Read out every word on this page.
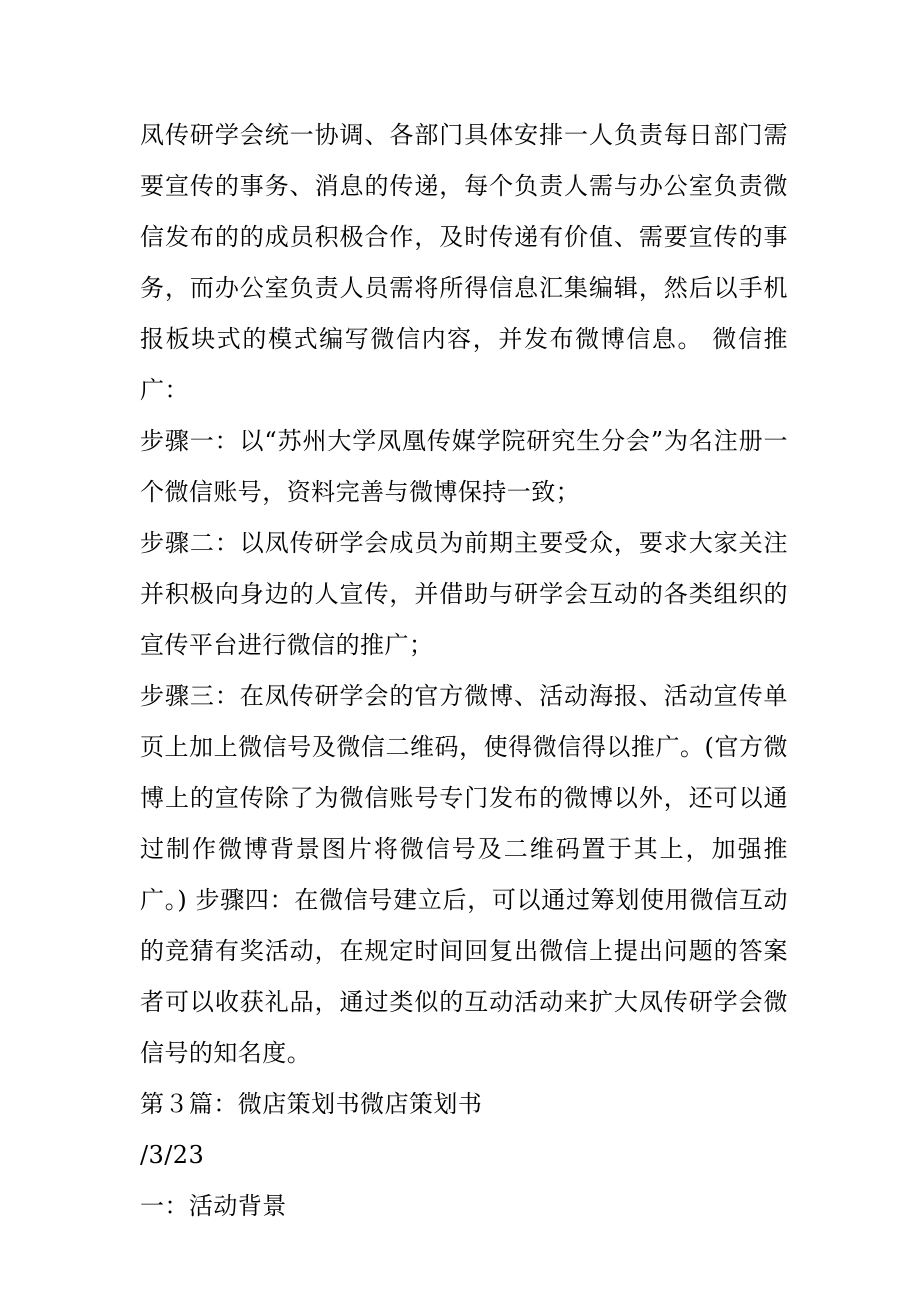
凤传研学会统一协调、各部门具体安排一人负责每日部门需要宣传的事务、消息的传递，每个负责人需与办公室负责微信发布的的成员积极合作，及时传递有价值、需要宣传的事务，而办公室负责人员需将所得信息汇集编辑，然后以手机报板块式的模式编写微信内容，并发布微博信息。 微信推广：

步骤一：以“苏州大学凤凰传媒学院研究生分会”为名注册一个微信账号，资料完善与微博保持一致；

步骤二：以凤传研学会成员为前期主要受众，要求大家关注并积极向身边的人宣传，并借助与研学会互动的各类组织的宣传平台进行微信的推广；

步骤三：在凤传研学会的官方微博、活动海报、活动宣传单页上加上微信号及微信二维码，使得微信得以推广。(官方微博上的宣传除了为微信账号专门发布的微博以外，还可以通过制作微博背景图片将微信号及二维码置于其上，加强推广。) 步骤四：在微信号建立后，可以通过筹划使用微信互动的竞猜有奖活动，在规定时间回复出微信上提出问题的答案者可以收获礼品，通过类似的互动活动来扩大凤传研学会微信号的知名度。

第３篇：微店策划书微店策划书

/3/23

一：活动背景
